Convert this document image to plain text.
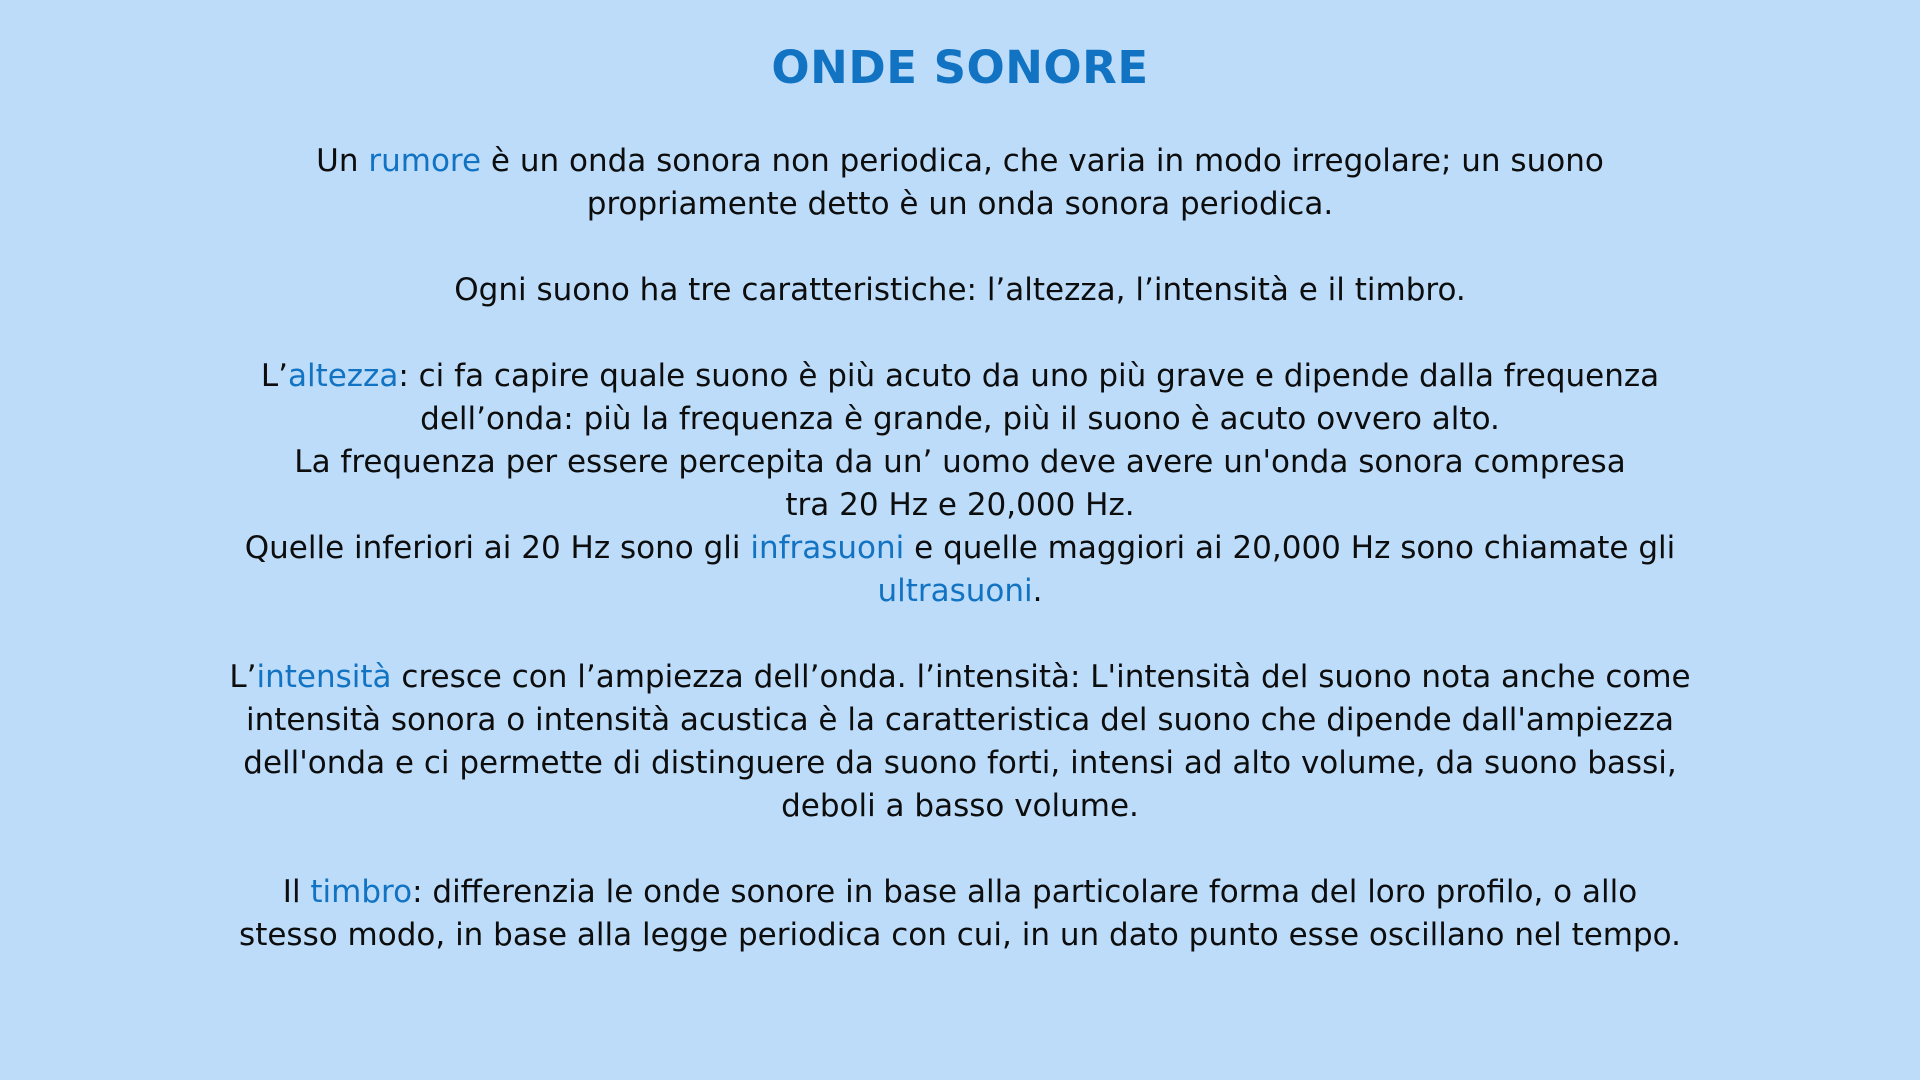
ONDE SONORE

Un rumore è un onda sonora non periodica, che varia in modo irregolare; un suono
propriamente detto è un onda sonora periodica.

Ogni suono ha tre caratteristiche: l’altezza, l’intensità e il timbro.

L’altezza: ci fa capire quale suono è più acuto da uno più grave e dipende dalla frequenza
dell’onda: più la frequenza è grande, più il suono è acuto ovvero alto.
La frequenza per essere percepita da un’ uomo deve avere un'onda sonora compresa
tra 20 Hz e 20,000 Hz.
Quelle inferiori ai 20 Hz sono gli infrasuoni e quelle maggiori ai 20,000 Hz sono chiamate gli
ultrasuoni.

L’intensità cresce con l’ampiezza dell’onda. l’intensità: L'intensità del suono nota anche come
intensità sonora o intensità acustica è la caratteristica del suono che dipende dall'ampiezza
dell'onda e ci permette di distinguere da suono forti, intensi ad alto volume, da suono bassi,
deboli a basso volume.

Il timbro: differenzia le onde sonore in base alla particolare forma del loro profilo, o allo
stesso modo, in base alla legge periodica con cui, in un dato punto esse oscillano nel tempo.
